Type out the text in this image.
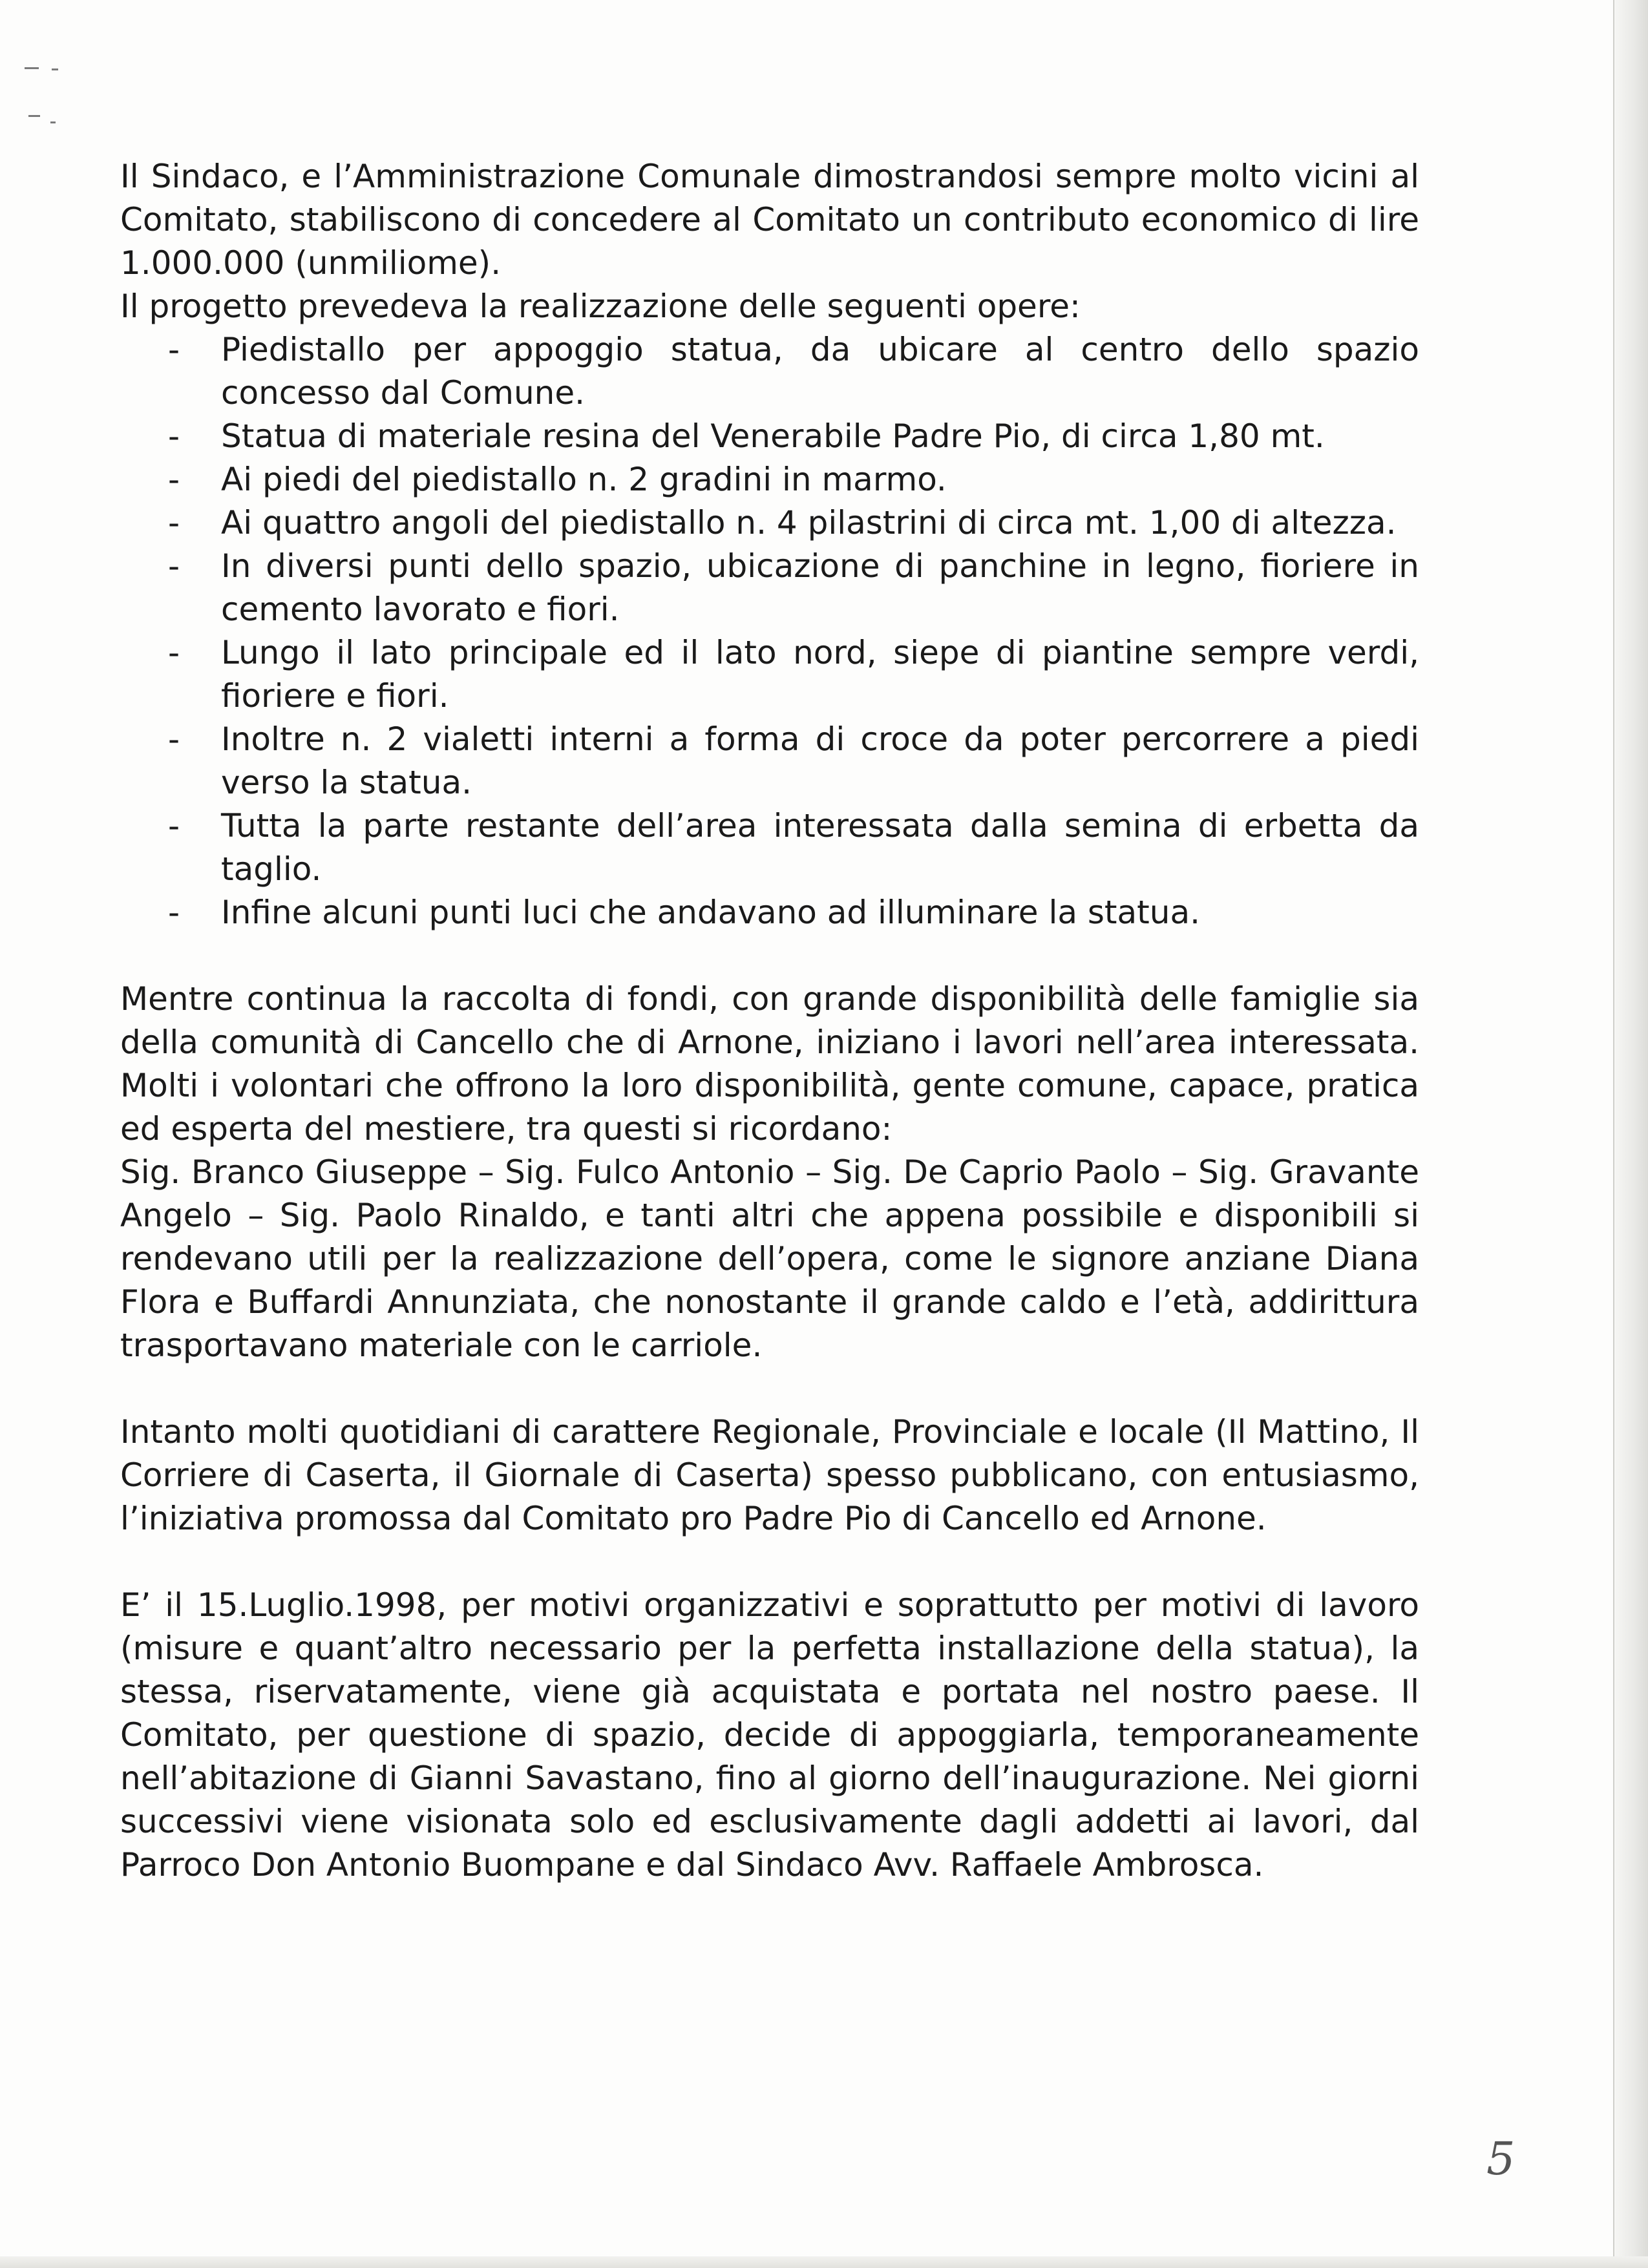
Il Sindaco, e l’Amministrazione Comunale dimostrandosi sempre molto vicini al Comitato, stabiliscono di concedere al Comitato un contributo economico di lire 1.000.000 (unmiliome).

Il progetto prevedeva la realizzazione delle seguenti opere:

- Piedistallo per appoggio statua, da ubicare al centro dello spazio concesso dal Comune.
- Statua di materiale resina del Venerabile Padre Pio, di circa 1,80 mt.
- Ai piedi del piedistallo n. 2 gradini in marmo.
- Ai quattro angoli del piedistallo n. 4 pilastrini di circa mt. 1,00 di altezza.
- In diversi punti dello spazio, ubicazione di panchine in legno, fioriere in cemento lavorato e fiori.
- Lungo il lato principale ed il lato nord, siepe di piantine sempre verdi, fioriere e fiori.
- Inoltre n. 2 vialetti interni a forma di croce da poter percorrere a piedi verso la statua.
- Tutta la parte restante dell’area interessata dalla semina di erbetta da taglio.
- Infine alcuni punti luci che andavano ad illuminare la statua.

Mentre continua la raccolta di fondi, con grande disponibilità delle famiglie sia della comunità di Cancello che di Arnone, iniziano i lavori nell’area interessata. Molti i volontari che offrono la loro disponibilità, gente comune, capace, pratica ed esperta del mestiere, tra questi si ricordano:

Sig. Branco Giuseppe – Sig. Fulco Antonio – Sig. De Caprio Paolo – Sig. Gravante Angelo – Sig. Paolo Rinaldo, e tanti altri che appena possibile e disponibili si rendevano utili per la realizzazione dell’opera, come le signore anziane Diana Flora e Buffardi Annunziata, che nonostante il grande caldo e l’età, addirittura trasportavano materiale con le carriole.

Intanto molti quotidiani di carattere Regionale, Provinciale e locale (Il Mattino, Il Corriere di Caserta, il Giornale di Caserta) spesso pubblicano, con entusiasmo, l’iniziativa promossa dal Comitato pro Padre Pio di Cancello ed Arnone.

E’ il 15.Luglio.1998, per motivi organizzativi e soprattutto per motivi di lavoro (misure e quant’altro necessario per la perfetta installazione della statua), la stessa, riservatamente, viene già acquistata e portata nel nostro paese. Il Comitato, per questione di spazio, decide di appoggiarla, temporaneamente nell’abitazione di Gianni Savastano, fino al giorno dell’inaugurazione. Nei giorni successivi viene visionata solo ed esclusivamente dagli addetti ai lavori, dal Parroco Don Antonio Buompane e dal Sindaco Avv. Raffaele Ambrosca.

5
